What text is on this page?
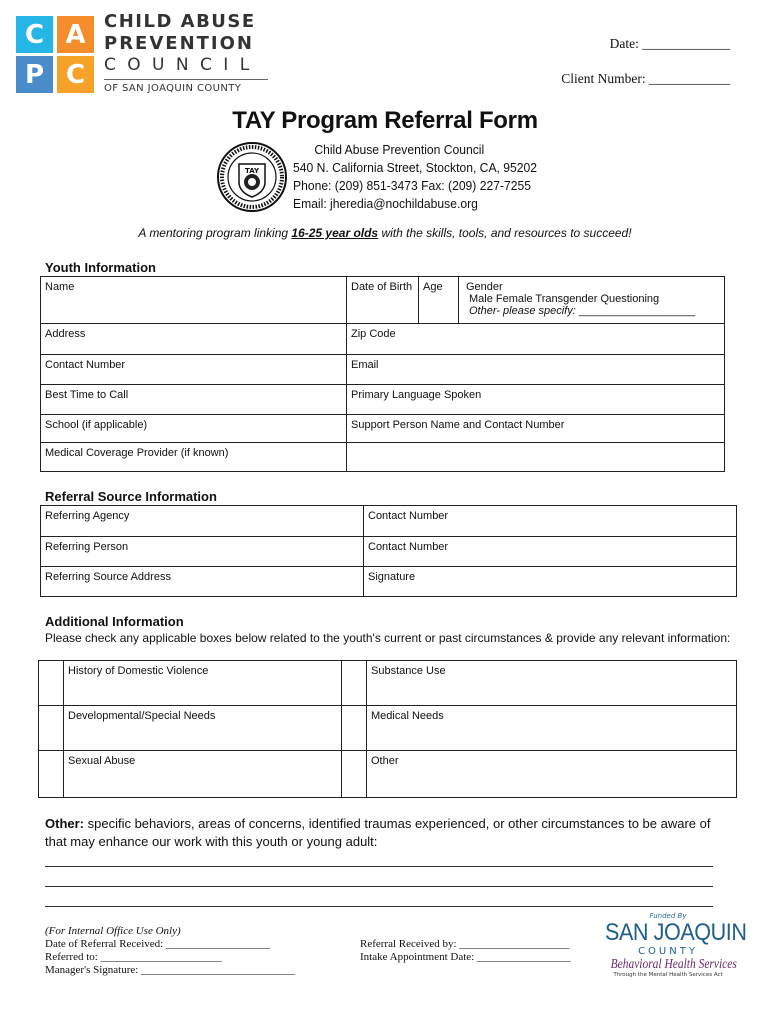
C A
P C
CHILD ABUSE
PREVENTION
C O U N C I L
OF SAN JOAQUIN COUNTY
Date: _____________
Client Number: ____________
TAY Program Referral Form
TAY
Child Abuse Prevention Council
540 N. California Street, Stockton, CA, 95202
Phone: (209) 851-3473 Fax: (209) 227-7255
Email: jheredia@nochildabuse.org
A mentoring program linking 16-25 year olds with the skills, tools, and resources to succeed!
Youth Information
Name	Date of Birth	Age	Gender
Male Female Transgender Questioning
Other- please specify: ___________________

Address	Zip Code		

Contact Number	Email		

Best Time to Call	Primary Language Spoken		

School (if applicable)	Support Person Name and Contact Number		

Medical Coverage Provider (if known)			

Referral Source Information
Referring Agency	Contact Number

Referring Person	Contact Number

Referring Source Address	Signature
Additional Information
Please check any applicable boxes below related to the youth's current or past circumstances & provide any relevant information:

	History of Domestic Violence		Substance Use

	Developmental/Special Needs		Medical Needs

	Sexual Abuse		Other
Other: specific behaviors, areas of concerns, identified traumas experienced, or other circumstances to be aware of that may enhance our work with this youth or young adult:
(For Internal Office Use Only)
Date of Referral Received: ___________________
Referred to: ______________________
Manager's Signature: ____________________________
Referral Received by: ____________________
Intake Appointment Date: _________________
Funded By
SAN JOAQUIN
COUNTY
Behavioral Health Services
Through the Mental Health Services Act
